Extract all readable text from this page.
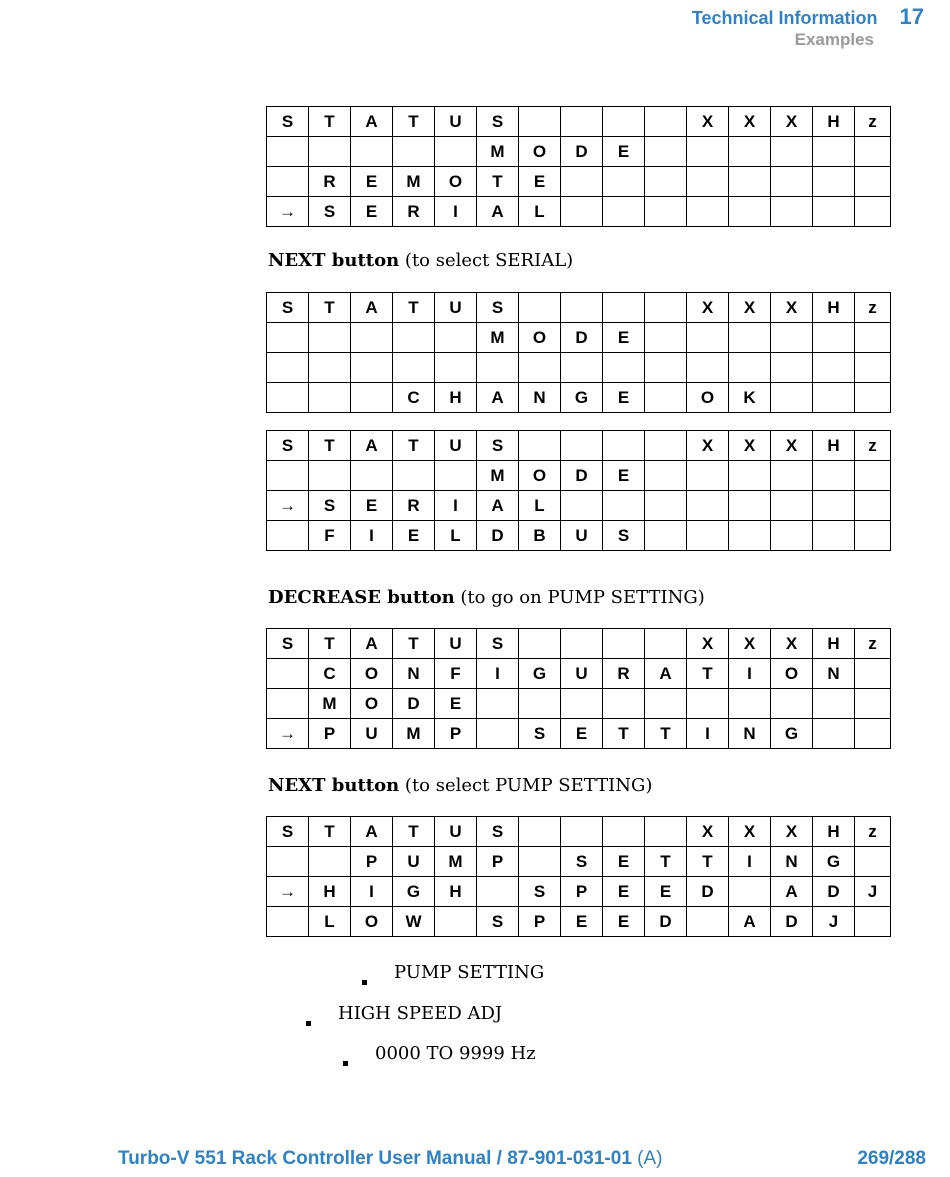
Technical Information 17
Examples
S	T	A	T	U	S					X	X	X	H	z
					M	O	D	E						
	R	E	M	O	T	E								
→	S	E	R	I	A	L								
NEXT button (to select SERIAL)
S	T	A	T	U	S					X	X	X	H	z
					M	O	D	E						

			C	H	A	N	G	E		O	K			
S	T	A	T	U	S					X	X	X	H	z
					M	O	D	E						
→	S	E	R	I	A	L								
	F	I	E	L	D	B	U	S						
DECREASE button (to go on PUMP SETTING)
S	T	A	T	U	S					X	X	X	H	z
	C	O	N	F	I	G	U	R	A	T	I	O	N	
	M	O	D	E										
→	P	U	M	P		S	E	T	T	I	N	G		
NEXT button (to select PUMP SETTING)
S	T	A	T	U	S					X	X	X	H	z
		P	U	M	P		S	E	T	T	I	N	G	
→	H	I	G	H		S	P	E	E	D		A	D	J
	L	O	W		S	P	E	E	D		A	D	J	
PUMP SETTING
HIGH SPEED ADJ
0000 TO 9999 Hz
Turbo-V 551 Rack Controller User Manual / 87-901-031-01 (A)	269/288
